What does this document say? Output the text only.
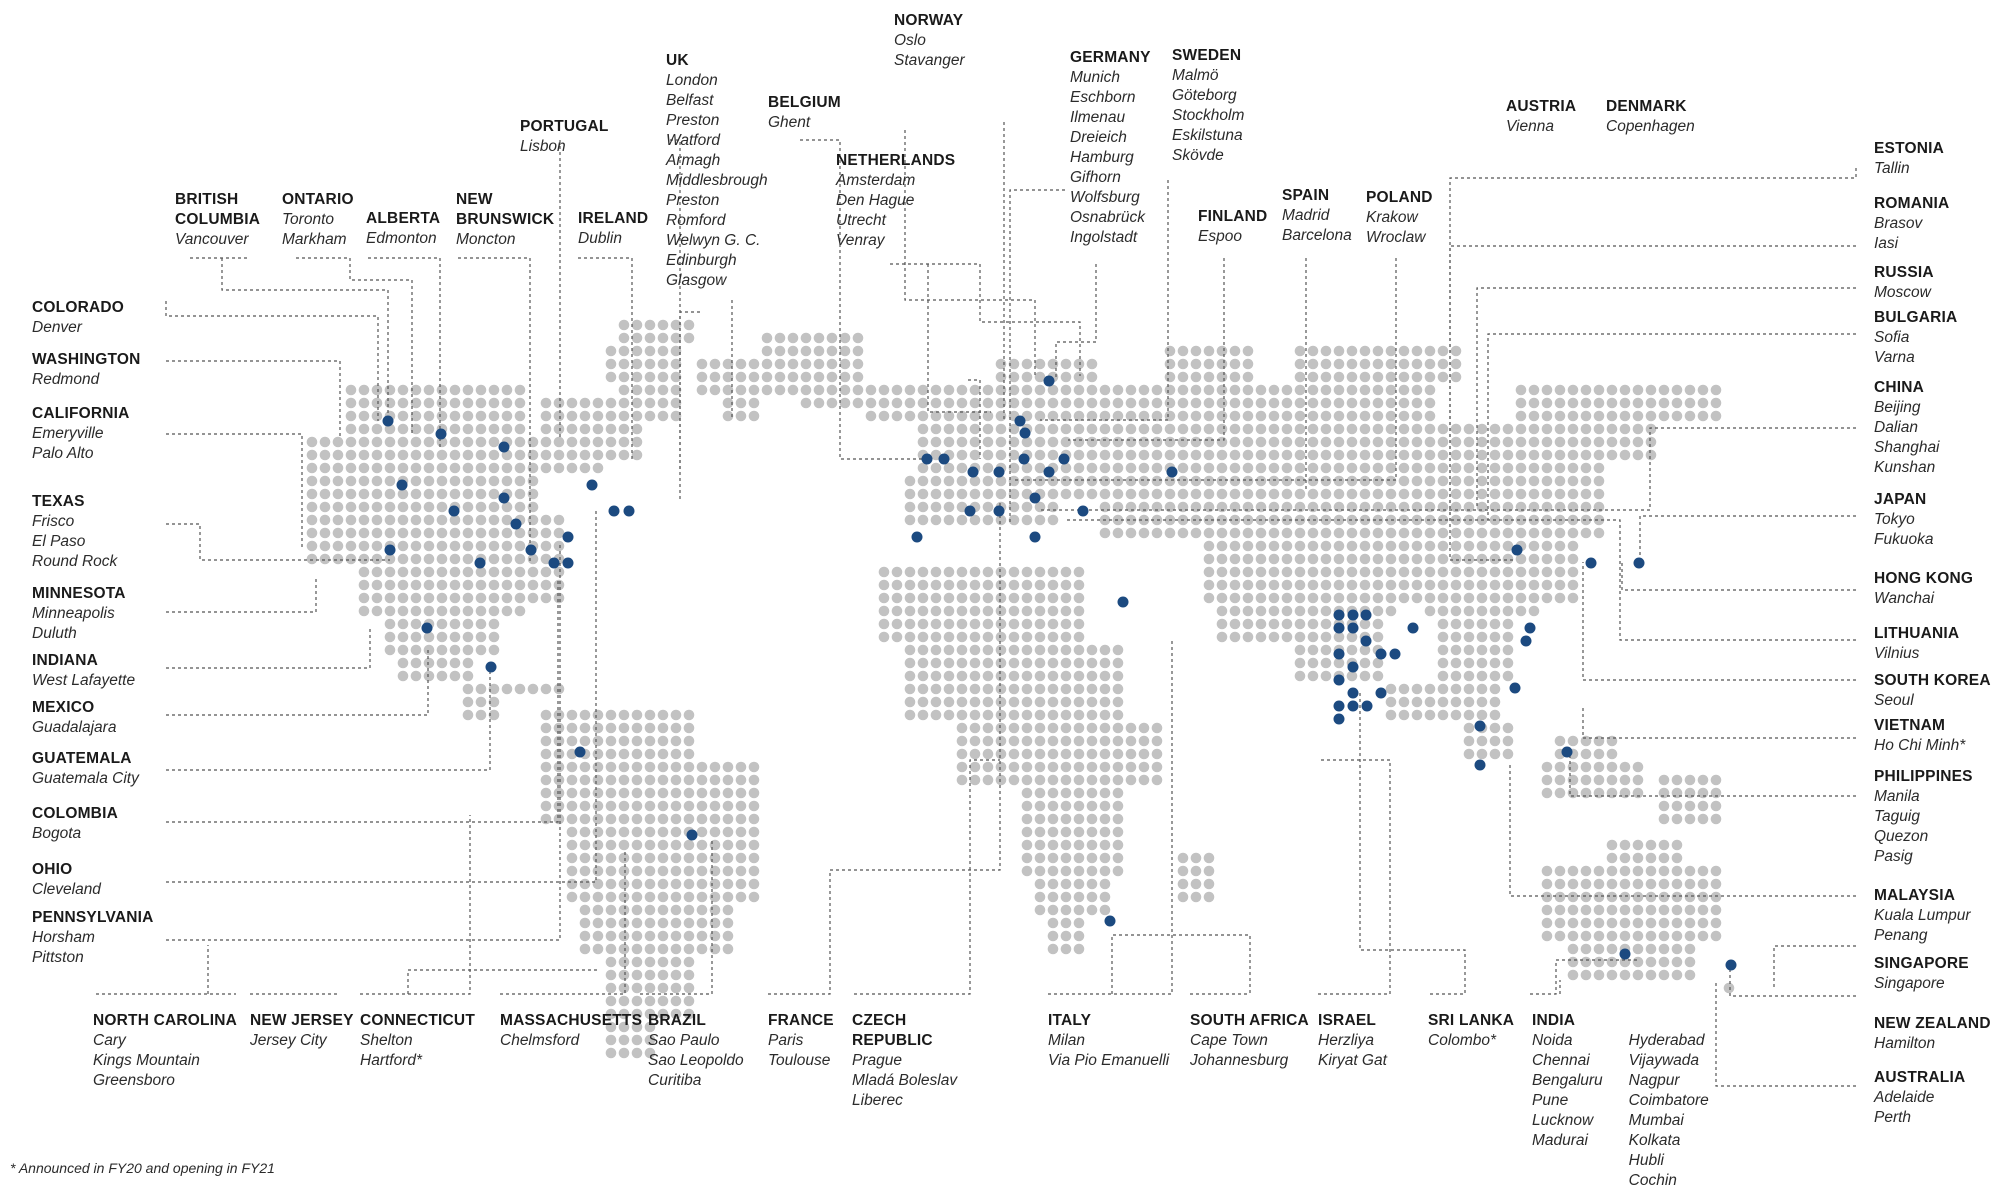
BRITISH COLUMBIA
Vancouver
ONTARIO
Toronto
Markham
ALBERTA
Edmonton
NEW BRUNSWICK
Moncton
PORTUGAL
Lisbon
IRELAND
Dublin
UK
London
Belfast
Preston
Watford
Armagh
Middlesbrough
Preston
Romford
Welwyn G. C.
Edinburgh
Glasgow
BELGIUM
Ghent
NORWAY
Oslo
Stavanger
NETHERLANDS
Amsterdam
Den Hague
Utrecht
Venray
GERMANY
Munich
Eschborn
Ilmenau
Dreieich
Hamburg
Gifhorn
Wolfsburg
Osnabrück
Ingolstadt
SWEDEN
Malmö
Göteborg
Stockholm
Eskilstuna
Skövde
FINLAND
Espoo
SPAIN
Madrid
Barcelona
POLAND
Krakow
Wroclaw
AUSTRIA
Vienna
DENMARK
Copenhagen
COLORADO
Denver
WASHINGTON
Redmond
CALIFORNIA
Emeryville
Palo Alto
TEXAS
Frisco
El Paso
Round Rock
MINNESOTA
Minneapolis
Duluth
INDIANA
West Lafayette
MEXICO
Guadalajara
GUATEMALA
Guatemala City
COLOMBIA
Bogota
OHIO
Cleveland
PENNSYLVANIA
Horsham
Pittston
ESTONIA
Tallin
ROMANIA
Brasov
Iasi
RUSSIA
Moscow
BULGARIA
Sofia
Varna
CHINA
Beijing
Dalian
Shanghai
Kunshan
JAPAN
Tokyo
Fukuoka
HONG KONG
Wanchai
LITHUANIA
Vilnius
SOUTH KOREA
Seoul
VIETNAM
Ho Chi Minh*
PHILIPPINES
Manila
Taguig
Quezon
Pasig
MALAYSIA
Kuala Lumpur
Penang
SINGAPORE
Singapore
NEW ZEALAND
Hamilton
AUSTRALIA
Adelaide
Perth
NORTH CAROLINA
Cary
Kings Mountain
Greensboro
NEW JERSEY
Jersey City
CONNECTICUT
Shelton
Hartford*
MASSACHUSETTS
Chelmsford
BRAZIL
Sao Paulo
Sao Leopoldo
Curitiba
FRANCE
Paris
Toulouse
CZECH REPUBLIC
Prague
Mladá Boleslav
Liberec
ITALY
Milan
Via Pio Emanuelli
SOUTH AFRICA
Cape Town
Johannesburg
ISRAEL
Herzliya
Kiryat Gat
SRI LANKA
Colombo*
INDIA
Noida
Chennai
Bengaluru
Pune
Lucknow
Madurai
Hyderabad
Vijaywada
Nagpur
Coimbatore
Mumbai
Kolkata
Hubli
Cochin
* Announced in FY20 and opening in FY21
